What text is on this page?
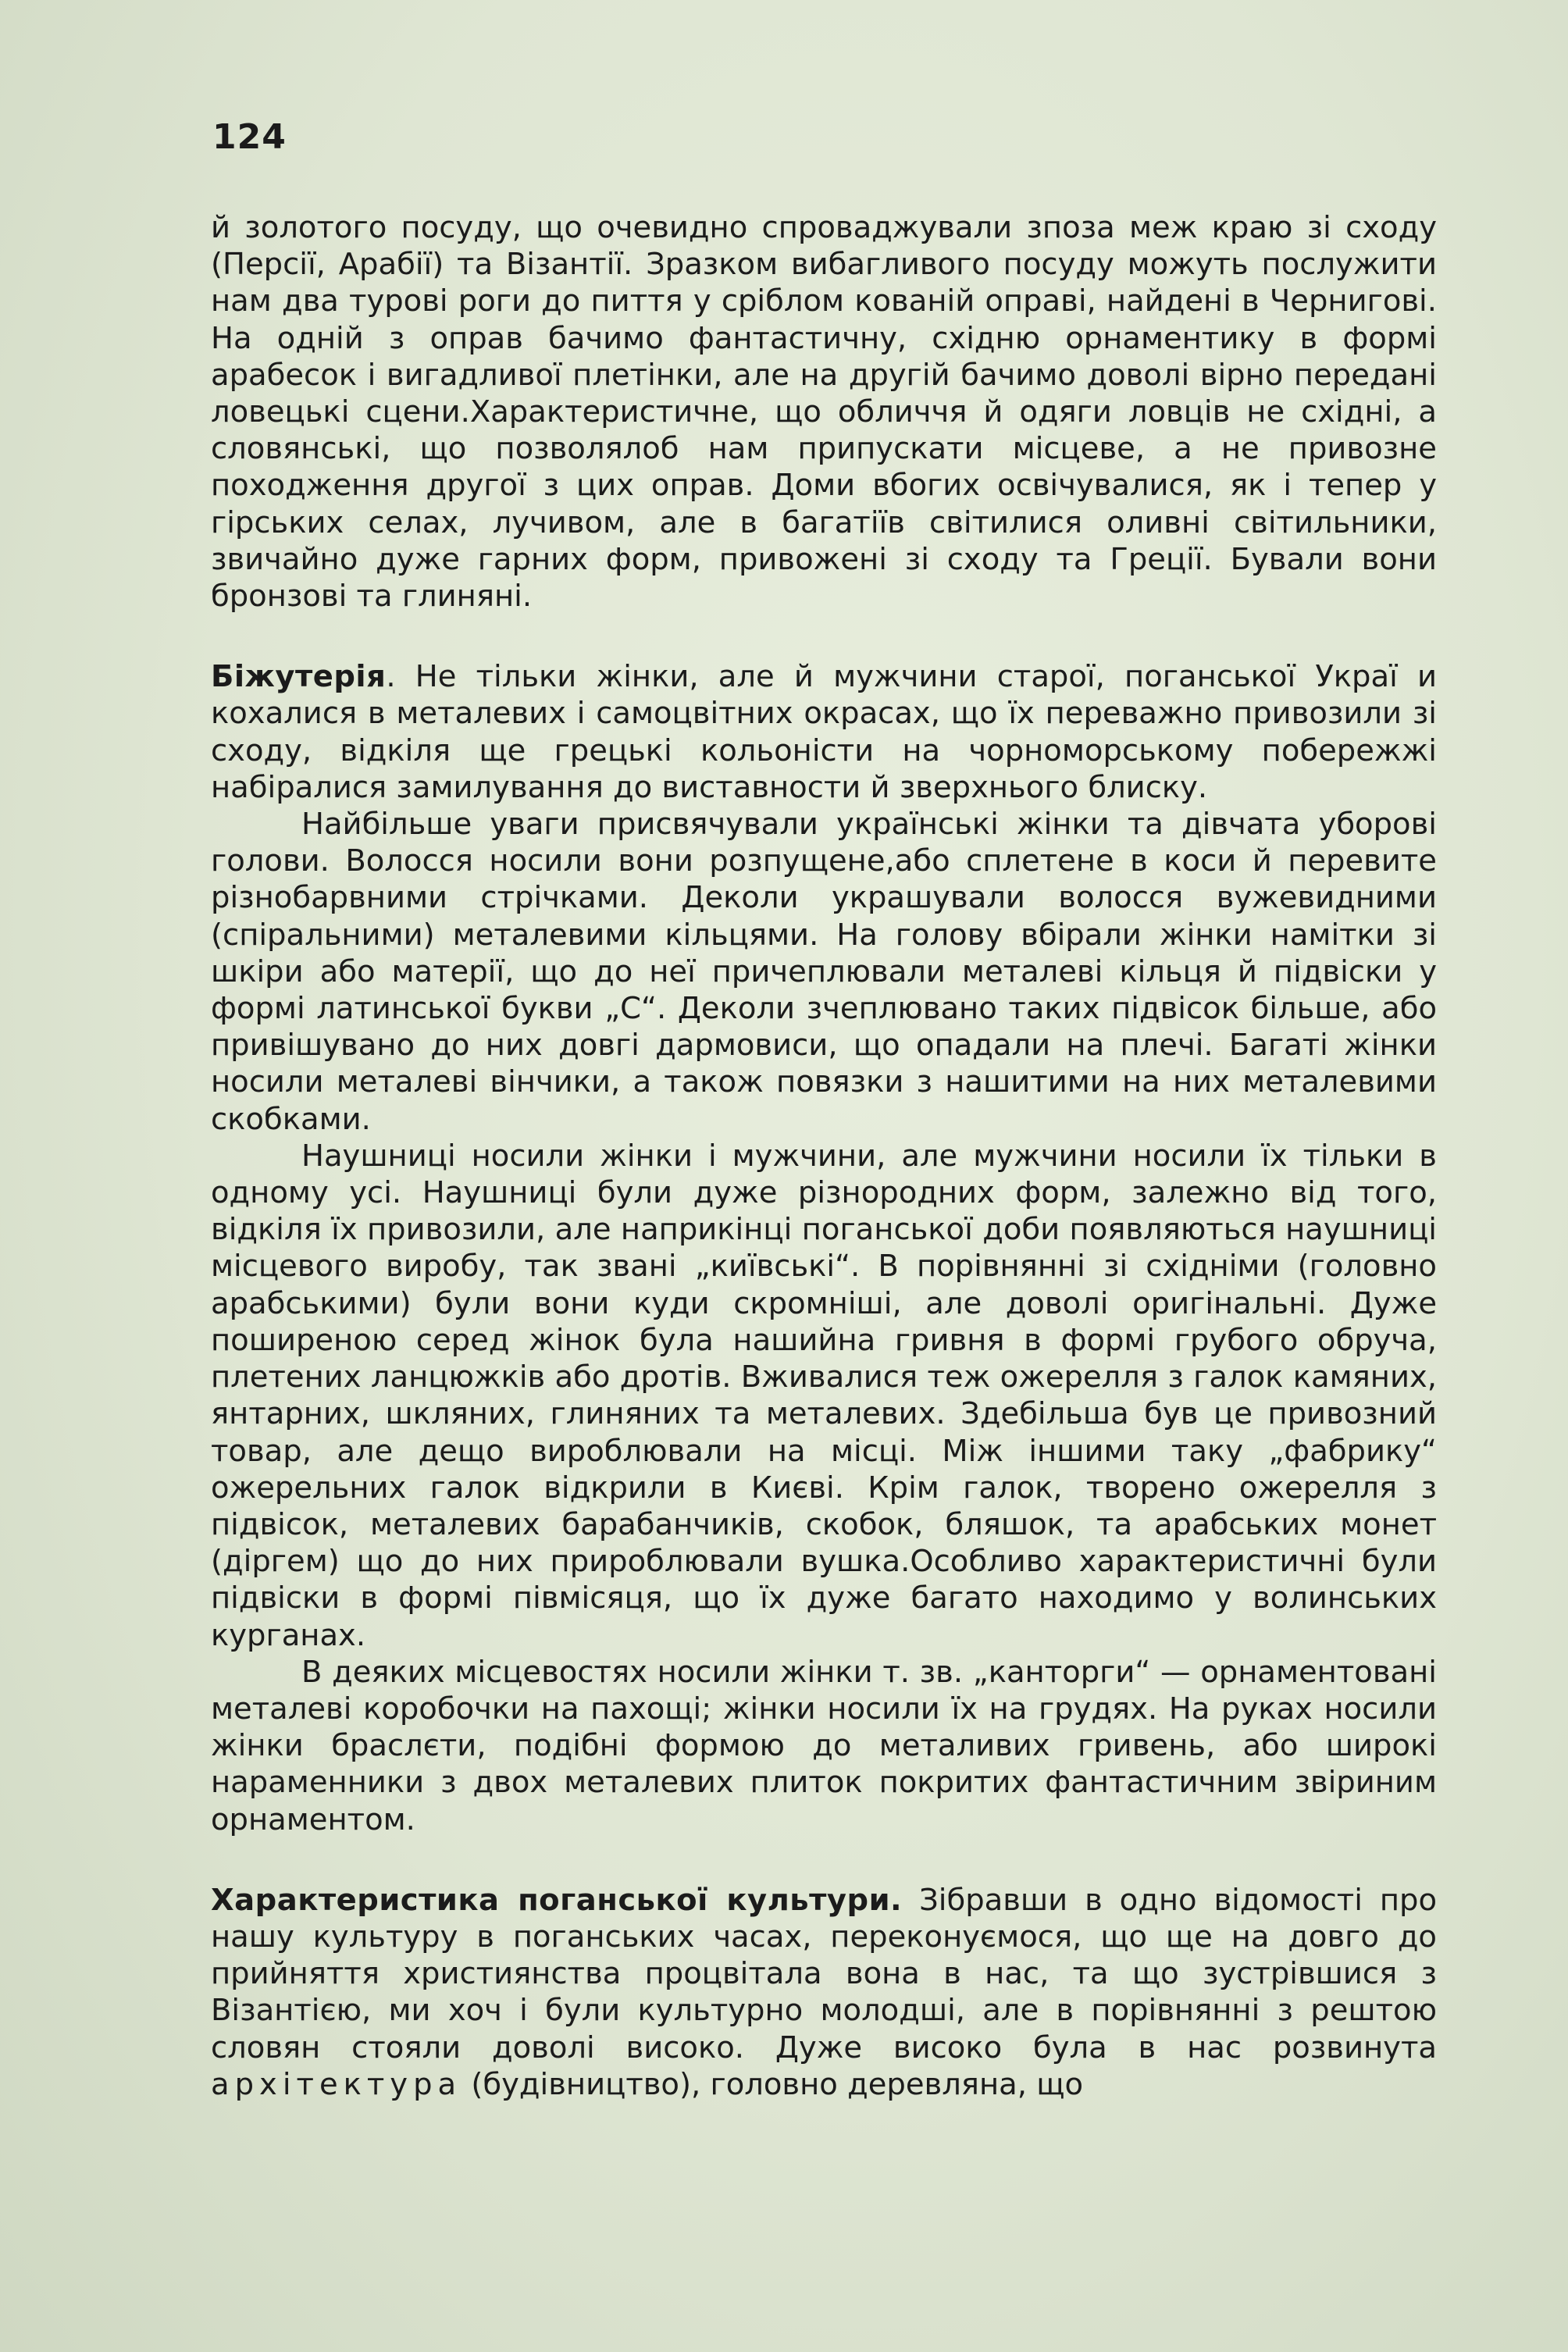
124

й золотого посуду, що очевидно спроваджували зпоза меж краю зі сходу (Персії, Арабії) та Візантії. Зразком вибагливого посуду можуть послужити нам два турові роги до пиття у сріблом кованій оправі, найдені в Чернигові. На одній з оправ бачимо фантастичну, східню орнаментику в формі арабесок і вигадливої плетінки, але на другій бачимо доволі вірно передані ловецькі сцени.Характеристичне, що обличчя й одяги ловців не східні, а словянські, що позволялоб нам припускати місцеве, а не привозне походження другої з цих оправ. Доми вбогих освічувалися, як і тепер у гірських селах, лучивом, але в багатіїв світилися оливні світильники, звичайно дуже гарних форм, привожені зі сходу та Греції. Бували вони бронзові та глиняні.

Біжутерія. Не тільки жінки, але й мужчини старої, поганської Украї и кохалися в металевих і самоцвітних окрасах, що їх переважно привозили зі сходу, відкіля ще грецькі кольоністи на чорноморському побережжі набіралися замилування до виставности й зверхнього блиску.

Найбільше уваги присвячували українські жінки та дівчата уборові голови. Волосся носили вони розпущене,або сплетене в коси й перевите різнобарвними стрічками. Деколи украшували волосся вужевидними (спіральними) металевими кільцями. На голову вбірали жінки намітки зі шкіри або матерії, що до неї причеплювали металеві кільця й підвіски у формі латинської букви „C“. Деколи зчеплювано таких підвісок більше, або привішувано до них довгі дармовиси, що опадали на плечі. Багаті жінки носили металеві вінчики, а також повязки з нашитими на них металевими скобками.

Наушниці носили жінки і мужчини, але мужчини носили їх тільки в одному усі. Наушниці були дуже різнородних форм, залежно від того, відкіля їх привозили, але наприкінці поганської доби появляються наушниці місцевого виробу, так звані „київські“. В порівнянні зі східніми (головно арабськими) були вони куди скромніші, але доволі оригінальні. Дуже поширеною серед жінок була нашийна гривня в формі грубого обруча, плетених ланцюжків або дротів. Вживалися теж ожерелля з галок камяних, янтарних, шкляних, глиняних та металевих. Здебільша був це привозний товар, але дещо виробл⁠ювали на місці. Між іншими таку „фабрику“ ожерельних галок відкрили в Києві. Крім галок, творено ожерелля з підвісок, металевих барабанчиків, скобок, бляшок, та арабських монет (діргем) що до них приробл⁠ювали вушка.Особливо характеристичні були підвіски в формі півмісяця, що їх дуже багато находимо у волинських курганах.

В деяких місцевостях носили жінки т. зв. „канторги“ — орнаментовані металеві коробочки на пахощі; жінки носили їх на грудях. На руках носили жінки браслєти, подібні формою до металивих гривень, або широкі нараменники з двох металевих плиток покритих фантастичним звіриним орнаментом.

Характеристика поганської культури. Зібравши в одно відомості про нашу культуру в поганських часах, переконуємося, що ще на довго до прийняття християнства процвітала вона в нас, та що зустрівшися з Візантією, ми хоч і були культурно молодші, але в порівнянні з рештою словян стояли доволі високо. Дуже високо була в нас розвинута архітектура (будівництво), головно деревляна, що
